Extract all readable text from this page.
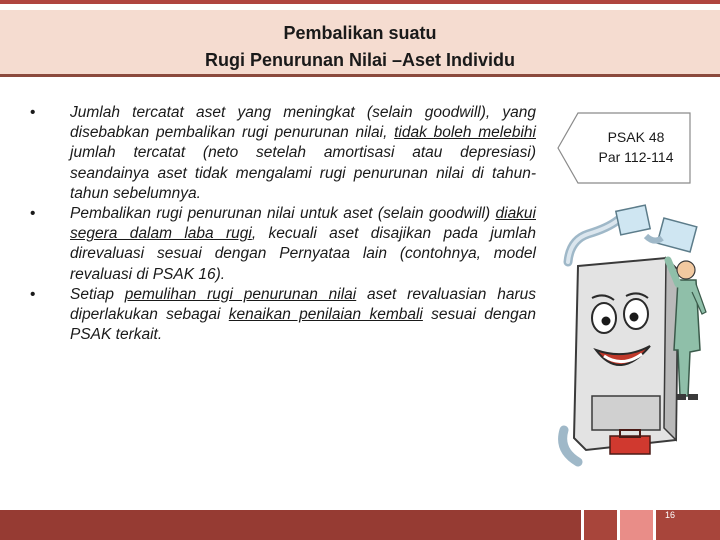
Pembalikan suatu
Rugi Penurunan Nilai –Aset Individu

• Jumlah tercatat aset yang meningkat (selain goodwill), yang disebabkan pembalikan rugi penurunan nilai, tidak boleh melebihi jumlah tercatat (neto setelah amortisasi atau depresiasi) seandainya aset tidak mengalami rugi penurunan nilai di tahun-tahun sebelumnya.

• Pembalikan rugi penurunan nilai untuk aset (selain goodwill) diakui segera dalam laba rugi, kecuali aset disajikan pada jumlah direvaluasi sesuai dengan Pernyataa lain (contohnya, model revaluasi di PSAK 16).

• Setiap pemulihan rugi penurunan nilai aset revaluasian harus diperlakukan sebagai kenaikan penilaian kembali sesuai dengan PSAK terkait.

PSAK 48
Par 112-114
16
